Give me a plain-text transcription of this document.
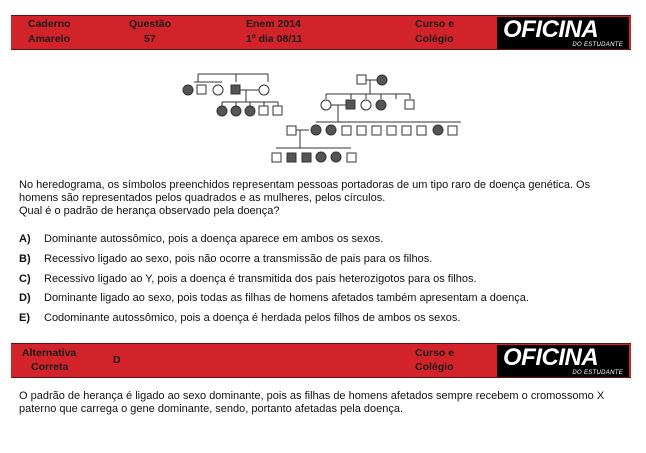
Caderno
Amarelo
Questão
57
Enem 2014
1º dia 08/11
Curso e
Colégio OFICINA
DO ESTUDANTE
No heredograma, os símbolos preenchidos representam pessoas portadoras de um tipo raro de doença genética. Os homens são representados pelos quadrados e as mulheres, pelos círculos.
Qual é o padrão de herança observado pela doença?
A) Dominante autossômico, pois a doença aparece em ambos os sexos.
B) Recessivo ligado ao sexo, pois não ocorre a transmissão de pais para os filhos.
C) Recessivo ligado ao Y, pois a doença é transmitida dos pais heterozigotos para os filhos.
D) Dominante ligado ao sexo, pois todas as filhas de homens afetados também apresentam a doença.
E) Codominante autossômico, pois a doença é herdada pelos filhos de ambos os sexos.
Alternativa
Correta
D
Curso e
Colégio OFICINA
DO ESTUDANTE
O padrão de herança é ligado ao sexo dominante, pois as filhas de homens afetados sempre recebem o cromossomo X paterno que carrega o gene dominante, sendo, portanto afetadas pela doença.
